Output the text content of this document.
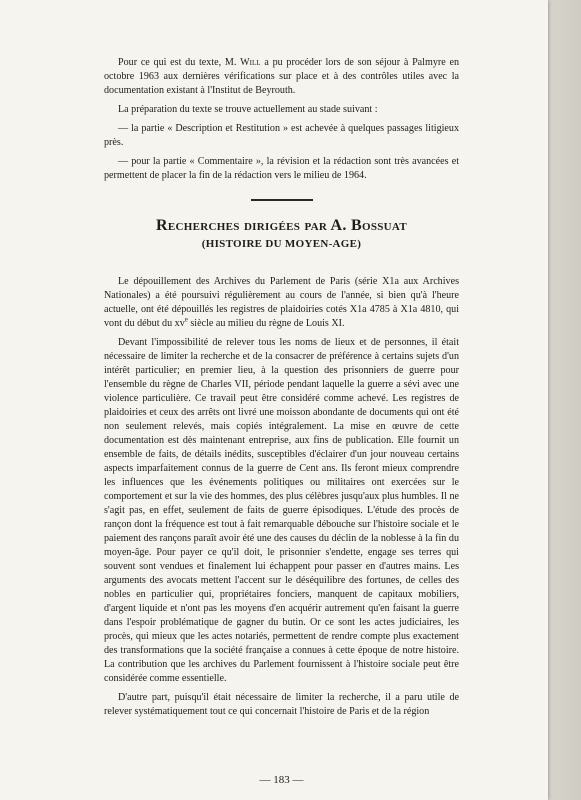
Pour ce qui est du texte, M. Will a pu procéder lors de son séjour à Palmyre en octobre 1963 aux dernières vérifications sur place et à des contrôles utiles avec la documentation existant à l'Institut de Beyrouth.

La préparation du texte se trouve actuellement au stade suivant :

— la partie « Description et Restitution » est achevée à quelques passages litigieux près.

— pour la partie « Commentaire », la révision et la rédaction sont très avancées et permettent de placer la fin de la rédaction vers le milieu de 1964.

Recherches dirigées par A. Bossuat
(HISTOIRE DU MOYEN-AGE)

Le dépouillement des Archives du Parlement de Paris (série X1a aux Archives Nationales) a été poursuivi régulièrement au cours de l'année, si bien qu'à l'heure actuelle, ont été dépouillés les registres de plaidoiries cotés X1a 4785 à X1a 4810, qui vont du début du $xv^e$ siècle au milieu du règne de Louis XI.

Devant l'impossibilité de relever tous les noms de lieux et de personnes, il était nécessaire de limiter la recherche et de la consacrer de préférence à certains sujets d'un intérêt particulier; en premier lieu, à la question des prisonniers de guerre pour l'ensemble du règne de Charles VII, période pendant laquelle la guerre a sévi avec une violence particulière. Ce travail peut être considéré comme achevé. Les registres de plaidoiries et ceux des arrêts ont livré une moisson abondante de documents qui ont été non seulement relevés, mais copiés intégralement. La mise en œuvre de cette documentation est dès maintenant entreprise, aux fins de publication. Elle fournit un ensemble de faits, de détails inédits, susceptibles d'éclairer d'un jour nouveau certains aspects imparfaitement connus de la guerre de Cent ans. Ils feront mieux comprendre les influences que les événements politiques ou militaires ont exercées sur le comportement et sur la vie des hommes, des plus célèbres jusqu'aux plus humbles. Il ne s'agit pas, en effet, seulement de faits de guerre épisodiques. L'étude des procès de rançon dont la fréquence est tout à fait remarquable débouche sur l'histoire sociale et le paiement des rançons paraît avoir été une des causes du déclin de la noblesse à la fin du moyen-âge. Pour payer ce qu'il doit, le prisonnier s'endette, engage ses terres qui souvent sont vendues et finalement lui échappent pour passer en d'autres mains. Les arguments des avocats mettent l'accent sur le déséquilibre des fortunes, de celles des nobles en particulier qui, propriétaires fonciers, manquent de capitaux mobiliers, d'argent liquide et n'ont pas les moyens d'en acquérir autrement qu'en faisant la guerre dans l'espoir problématique de gagner du butin. Or ce sont les actes judiciaires, les procès, qui mieux que les actes notariés, permettent de rendre compte plus exactement des transformations que la société française a connues à cette époque de notre histoire. La contribution que les archives du Parlement fournissent à l'histoire sociale peut être considérée comme essentielle.

D'autre part, puisqu'il était nécessaire de limiter la recherche, il a paru utile de relever systématiquement tout ce qui concernait l'histoire de Paris et de la région

— 183 —
